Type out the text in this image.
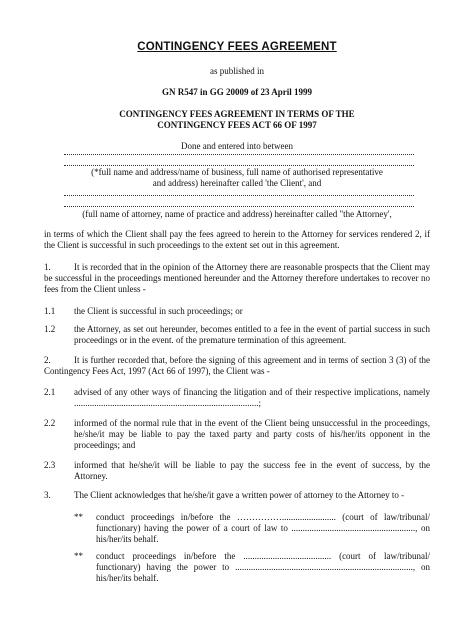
CONTINGENCY FEES AGREEMENT
as published in
GN R547 in GG 20009 of 23 April 1999
CONTINGENCY FEES AGREEMENT IN TERMS OF THE
CONTINGENCY FEES ACT 66 OF 1997
Done and entered into between
(*full name and address/name of business, full name of authorised representative
and address) hereinafter called 'the Client', and
(full name of attorney, name of practice and address) hereinafter called "the Attorney',
in terms of which the Client shall pay the fees agreed to herein to the Attorney for services rendered 2, if the Client is successful in such proceedings to the extent set out in this agreement.
1.	It is recorded that in the opinion of the Attorney there are reasonable prospects that the Client may be successful in the proceedings mentioned hereunder and the Attorney therefore undertakes to recover no fees from the Client unless -
1.1 the Client is successful in such proceedings; or
1.2 the Attorney, as set out hereunder, becomes entitled to a fee in the event of partial success in such proceedings or in the event. of the premature termination of this agreement.
2.	It is further recorded that, before the signing of this agreement and in terms of section 3 (3) of the Contingency Fees Act, 1997 (Act 66 of 1997), the Client was -
2.1 advised of any other ways of financing the litigation and of their respective implications, namely ..................................................................................;
2.2 informed of the normal rule that in the event of the Client being unsuccessful in the proceedings, he/she/it may be liable to pay the taxed party and party costs of his/her/its opponent in the proceedings; and
2.3 informed that he/she/it will be liable to pay the success fee in the event of success, by the Attorney.
3.	The Client acknowledges that he/she/it gave a written power of attorney to the Attorney to -
** conduct proceedings in/before the ……………........................ (court of law/tribunal/ functionary) having the power of a court of law to ......................................................., on his/her/its behalf.
** conduct proceedings in/before the ....................................... (court of law/tribunal/ functionary) having the power to ..............................................................................., on his/her/its behalf.
